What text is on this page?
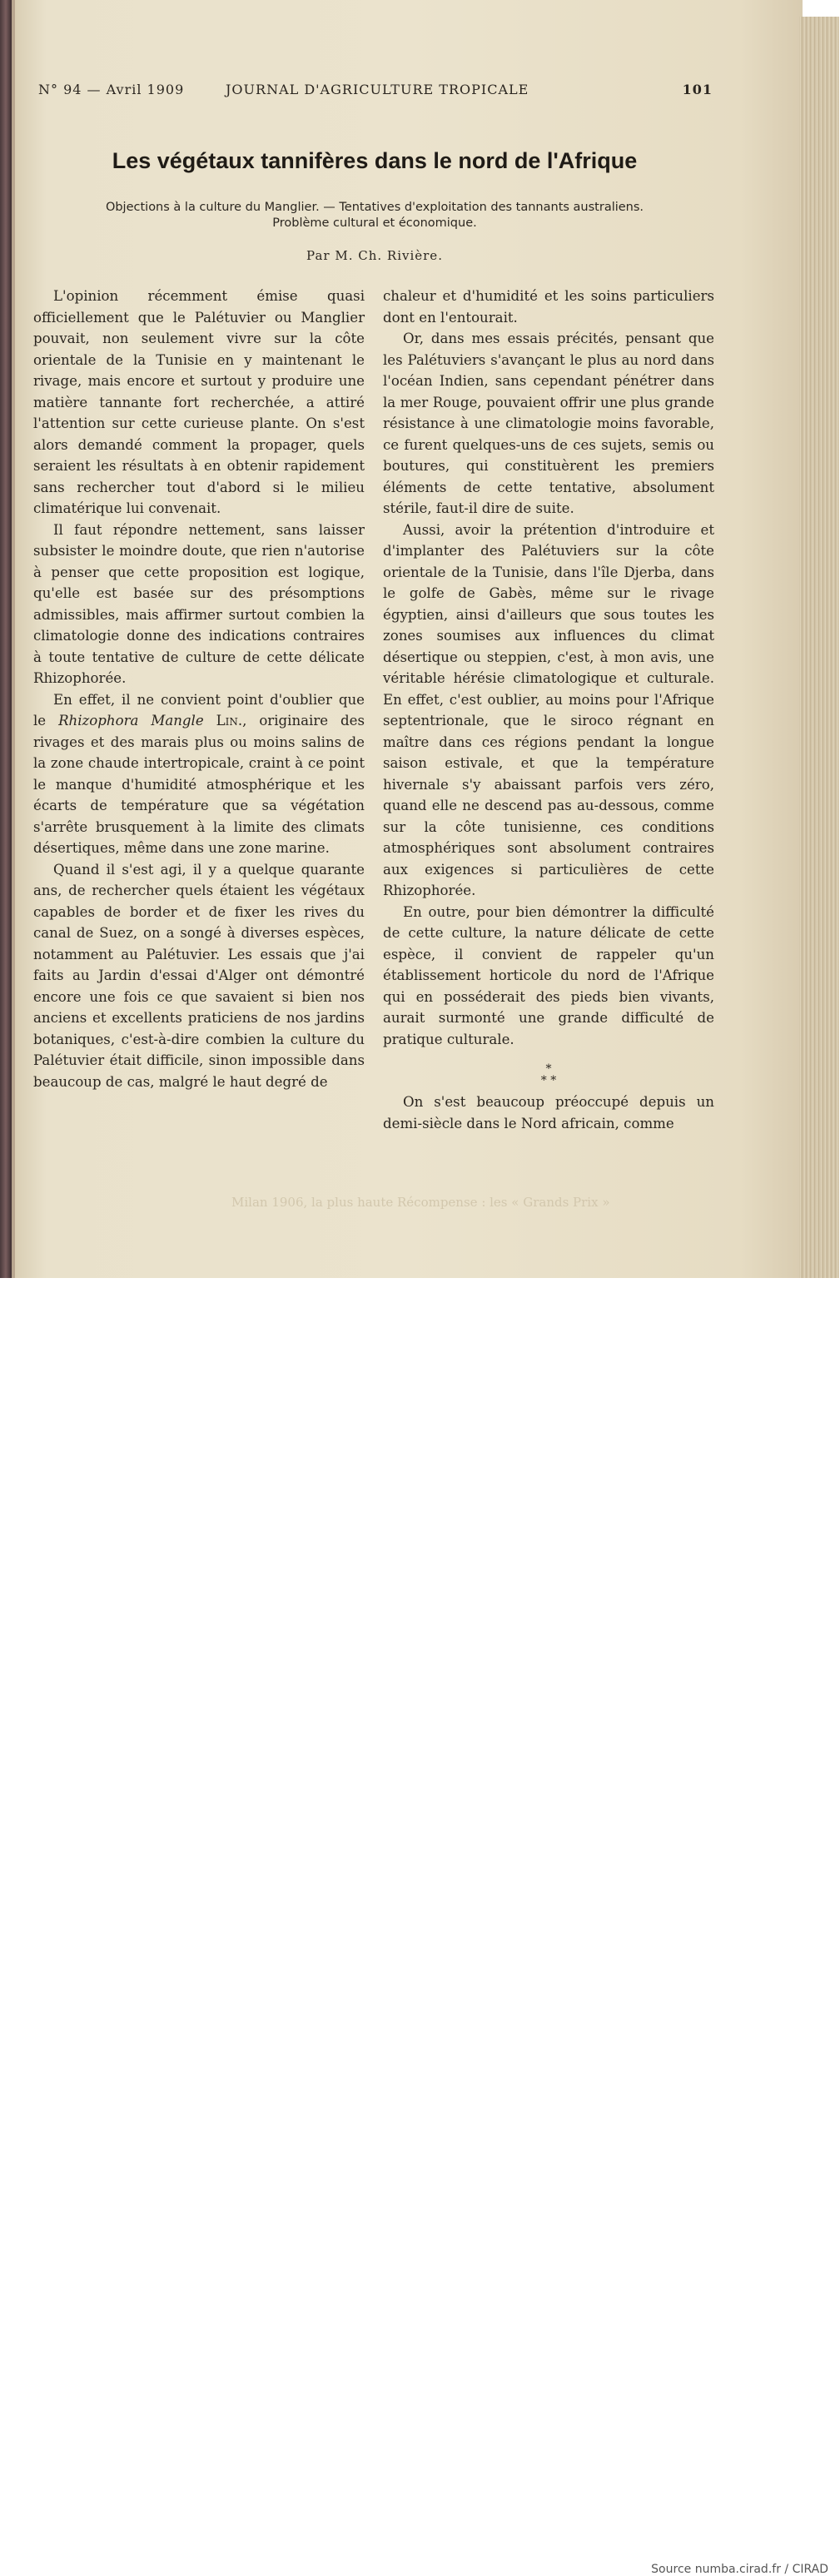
Milan 1906, la plus haute Récompense : les « Grands Prix »
N° 94 — Avril 1909	JOURNAL D'AGRICULTURE TROPICALE	101
Les végétaux tannifères dans le nord de l'Afrique
Objections à la culture du Manglier. — Tentatives d'exploitation des tannants australiens.
Problème cultural et économique.
Par M. Ch. Rivière.

L'opinion récemment émise quasi officiellement que le Palétuvier ou Manglier pouvait, non seulement vivre sur la côte orientale de la Tunisie en y maintenant le rivage, mais encore et surtout y produire une matière tannante fort recherchée, a attiré l'attention sur cette curieuse plante. On s'est alors demandé comment la propager, quels seraient les résultats à en obtenir rapidement sans rechercher tout d'abord si le milieu climatérique lui convenait.

Il faut répondre nettement, sans laisser subsister le moindre doute, que rien n'autorise à penser que cette proposition est logique, qu'elle est basée sur des présomptions admissibles, mais affirmer surtout combien la climatologie donne des indications contraires à toute tentative de culture de cette délicate Rhizophorée.

En effet, il ne convient point d'oublier que le Rhizophora Mangle Lin., originaire des rivages et des marais plus ou moins salins de la zone chaude intertropicale, craint à ce point le manque d'humidité atmosphérique et les écarts de température que sa végétation s'arrête brusquement à la limite des climats désertiques, même dans une zone marine.

Quand il s'est agi, il y a quelque quarante ans, de rechercher quels étaient les végétaux capables de border et de fixer les rives du canal de Suez, on a songé à diverses espèces, notamment au Palétuvier. Les essais que j'ai faits au Jardin d'essai d'Alger ont démontré encore une fois ce que savaient si bien nos anciens et excellents praticiens de nos jardins botaniques, c'est-à-dire combien la culture du Palétuvier était difficile, sinon impossible dans beaucoup de cas, malgré le haut degré de

chaleur et d'humidité et les soins particuliers dont en l'entourait.

Or, dans mes essais précités, pensant que les Palétuviers s'avançant le plus au nord dans l'océan Indien, sans cependant pénétrer dans la mer Rouge, pouvaient offrir une plus grande résistance à une climatologie moins favorable, ce furent quelques-uns de ces sujets, semis ou boutures, qui constituèrent les premiers éléments de cette tentative, absolument stérile, faut-il dire de suite.

Aussi, avoir la prétention d'introduire et d'implanter des Palétuviers sur la côte orientale de la Tunisie, dans l'île Djerba, dans le golfe de Gabès, même sur le rivage égyptien, ainsi d'ailleurs que sous toutes les zones soumises aux influences du climat désertique ou steppien, c'est, à mon avis, une véritable hérésie climatologique et culturale. En effet, c'est oublier, au moins pour l'Afrique septentrionale, que le siroco régnant en maître dans ces régions pendant la longue saison estivale, et que la température hivernale s'y abaissant parfois vers zéro, quand elle ne descend pas au-dessous, comme sur la côte tunisienne, ces conditions atmosphériques sont absolument contraires aux exigences si particulières de cette Rhizophorée.

En outre, pour bien démontrer la difficulté de cette culture, la nature délicate de cette espèce, il convient de rappeler qu'un établissement horticole du nord de l'Afrique qui en posséderait des pieds bien vivants, aurait surmonté une grande difficulté de pratique culturale.

*
* *

On s'est beaucoup préoccupé depuis un demi-siècle dans le Nord africain, comme

Source numba.cirad.fr / CIRAD
